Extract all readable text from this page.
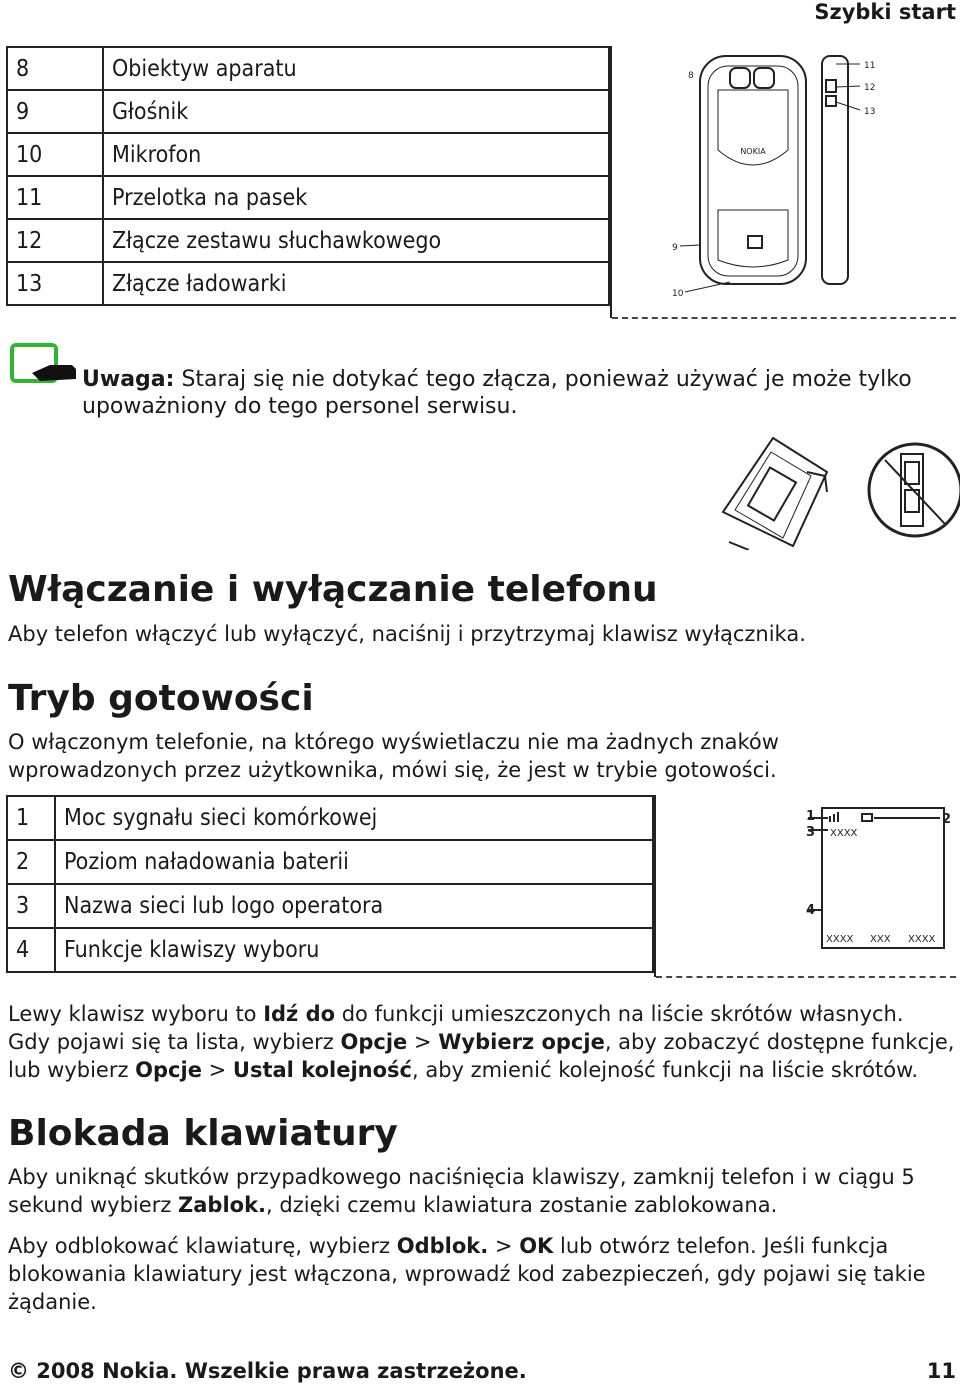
Szybki start
8	Obiektyw aparatu
9	Głośnik
10	Mikrofon
11	Przelotka na pasek
12	Złącze zestawu słuchawkowego
13	Złącze ładowarki
NOKIA
8
9
10
11
12
13
Uwaga: Staraj się nie dotykać tego złącza, ponieważ używać je może tylko upoważniony do tego personel serwisu.
Włączanie i wyłączanie telefonu

Aby telefon włączyć lub wyłączyć, naciśnij i przytrzymaj klawisz wyłącznika.

Tryb gotowości

O włączonym telefonie, na którego wyświetlaczu nie ma żadnych znaków wprowadzonych przez użytkownika, mówi się, że jest w trybie gotowości.

1	Moc sygnału sieci komórkowej
2	Poziom naładowania baterii
3	Nazwa sieci lub logo operatora
4	Funkcje klawiszy wyboru
1	2
3
4
XXXX
XXXX XXX XXXX
Lewy klawisz wyboru to Idź do do funkcji umieszczonych na liście skrótów własnych.
Gdy pojawi się ta lista, wybierz Opcje > Wybierz opcje, aby zobaczyć dostępne funkcje,
lub wybierz Opcje > Ustal kolejność, aby zmienić kolejność funkcji na liście skrótów.
Blokada klawiatury

Aby uniknąć skutków przypadkowego naciśnięcia klawiszy, zamknij telefon i w ciągu 5 sekund wybierz Zablok., dzięki czemu klawiatura zostanie zablokowana.

Aby odblokować klawiaturę, wybierz Odblok. > OK lub otwórz telefon. Jeśli funkcja blokowania klawiatury jest włączona, wprowadź kod zabezpieczeń, gdy pojawi się takie żądanie.

© 2008 Nokia. Wszelkie prawa zastrzeżone.	11
